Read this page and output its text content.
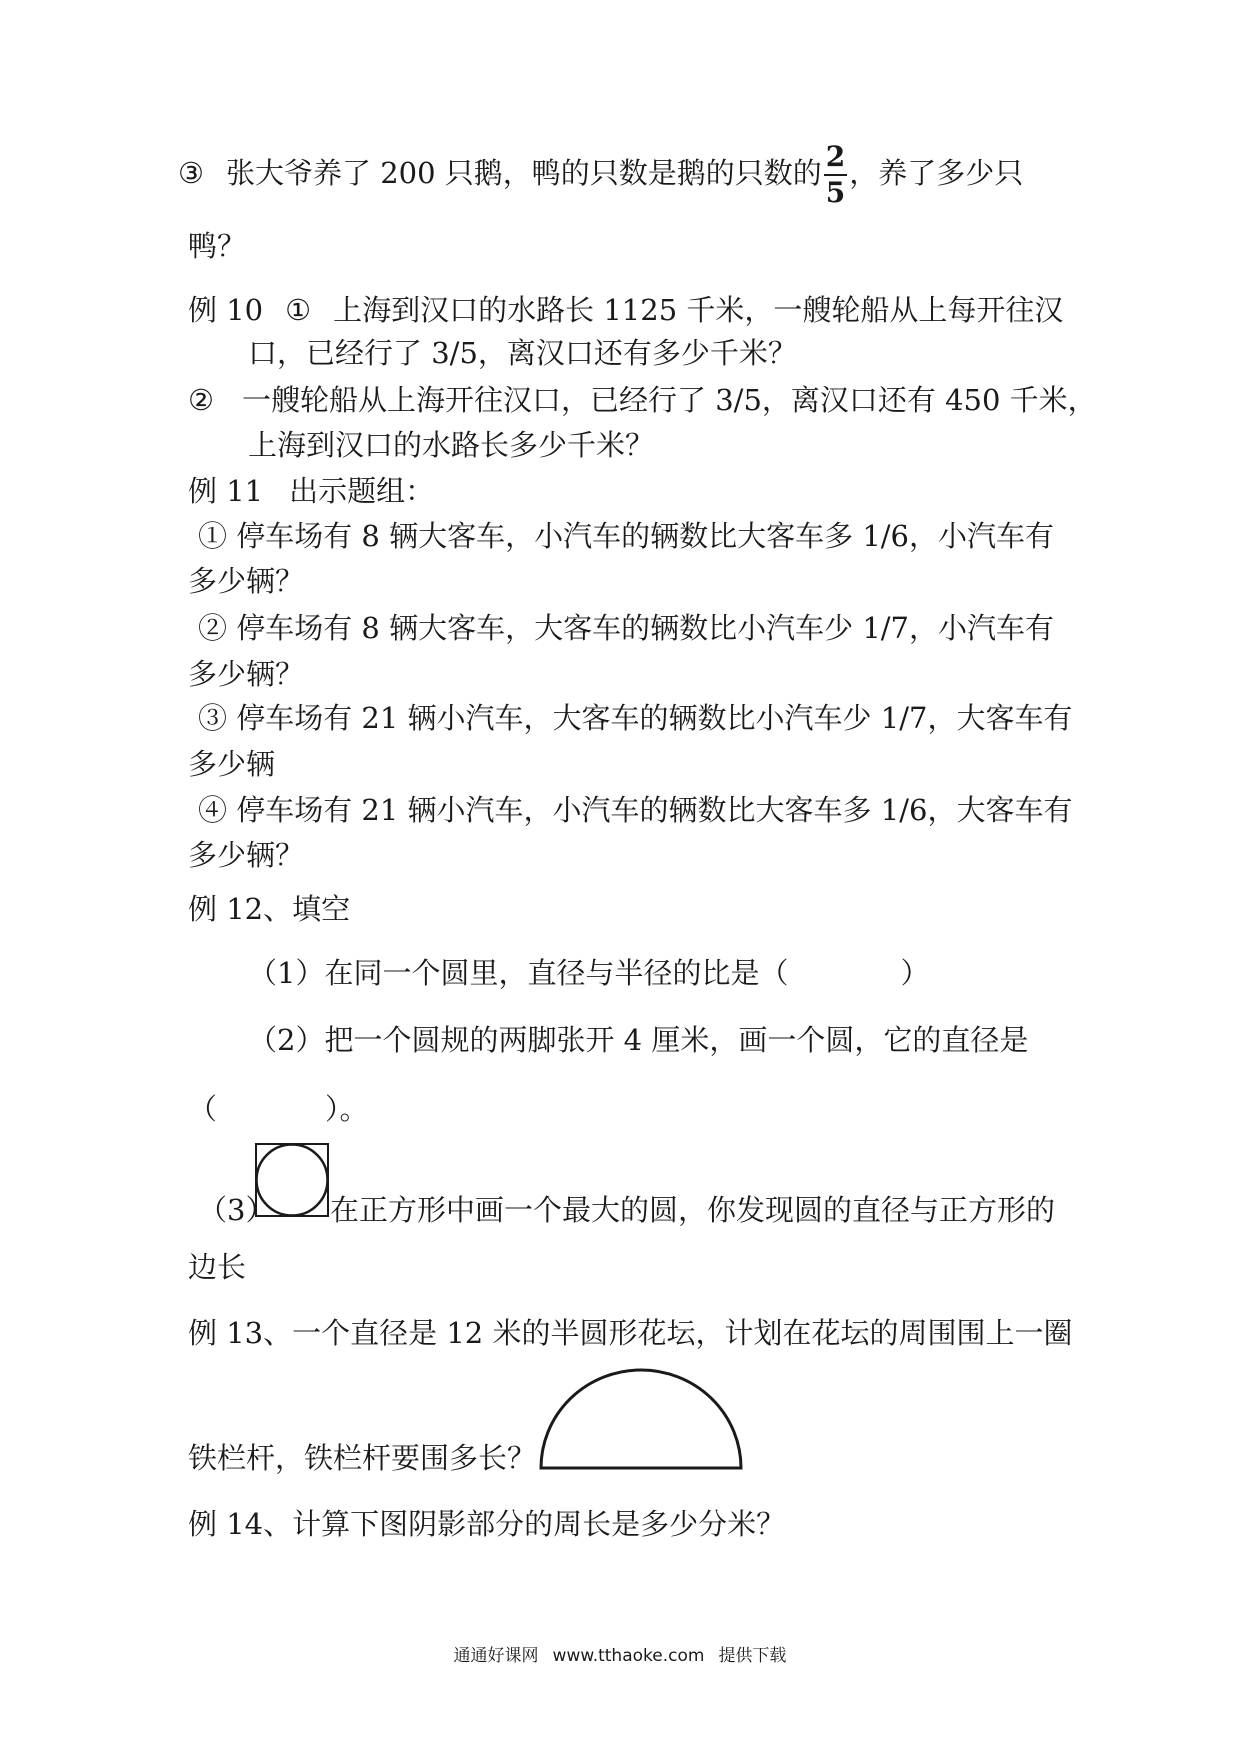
③ 张大爷养了 200 只鹅，鸭的只数是鹅的只数的 $\frac{2}{5}$ ，养了多少只
鸭？
例 10 ① 上海到汉口的水路长 1125 千米，一艘轮船从上每开往汉
口，已经行了 3/5，离汉口还有多少千米？
② 一艘轮船从上海开往汉口，已经行了 3/5，离汉口还有 450 千米，
上海到汉口的水路长多少千米？
例 11 出示题组：
① 停车场有 8 辆大客车，小汽车的辆数比大客车多 1/6，小汽车有
多少辆？
② 停车场有 8 辆大客车，大客车的辆数比小汽车少 1/7，小汽车有
多少辆？
③ 停车场有 21 辆小汽车，大客车的辆数比小汽车少 1/7，大客车有
多少辆
④ 停车场有 21 辆小汽车，小汽车的辆数比大客车多 1/6，大客车有
多少辆？
例 12、填空
（1）在同一个圆里，直径与半径的比是（	）
（2）把一个圆规的两脚张开 4 厘米，画一个圆，它的直径是
（	）。
（3） 在正方形中画一个最大的圆，你发现圆的直径与正方形的
边长
例 13、一个直径是 12 米的半圆形花坛，计划在花坛的周围围上一圈
铁栏杆，铁栏杆要围多长？
例 14、计算下图阴影部分的周长是多少分米？
通通好课网 www.tthaoke.com 提供下载
